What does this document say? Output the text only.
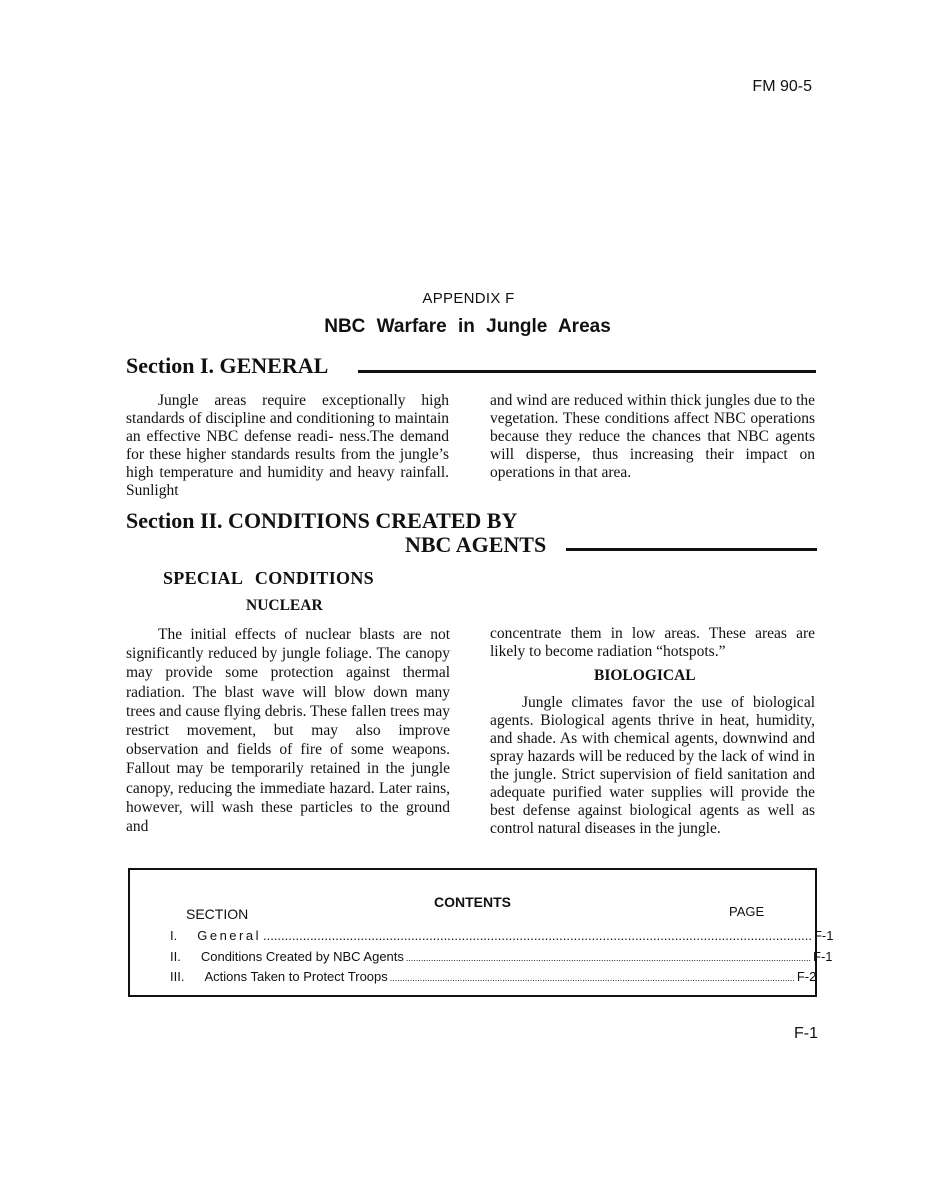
FM 90-5
APPENDIX F
NBC Warfare in Jungle Areas
Section I. GENERAL

Jungle areas require exceptionally high standards of discipline and conditioning to maintain an effective NBC defense readi- ness.The demand for these higher standards results from the jungle’s high temperature and humidity and heavy rainfall. Sunlight

and wind are reduced within thick jungles due to the vegetation. These conditions affect NBC operations because they reduce the chances that NBC agents will disperse, thus increasing their impact on operations in that area.

Section II. CONDITIONS CREATED BY
NBC AGENTS
SPECIAL CONDITIONS
NUCLEAR

The initial effects of nuclear blasts are not significantly reduced by jungle foliage. The canopy may provide some protection against thermal radiation. The blast wave will blow down many trees and cause flying debris. These fallen trees may restrict movement, but may also improve observation and fields of fire of some weapons. Fallout may be temporarily retained in the jungle canopy, reducing the immediate hazard. Later rains, however, will wash these particles to the ground and

concentrate them in low areas. These areas are likely to become radiation “hotspots.”

BIOLOGICAL

Jungle climates favor the use of biological agents. Biological agents thrive in heat, humidity, and shade. As with chemical agents, downwind and spray hazards will be reduced by the lack of wind in the jungle. Strict supervision of field sanitation and adequate purified water supplies will provide the best defense against biological agents as well as control natural diseases in the jungle.

CONTENTS
SECTION	PAGE
I. General ........................................................................................................................................................ F-1
II. Conditions Created by NBC Agents .................................................................................................................................................................. F-1
III. Actions Taken to Protect Troops .................................................................................................................................................................. F-2
F-1
